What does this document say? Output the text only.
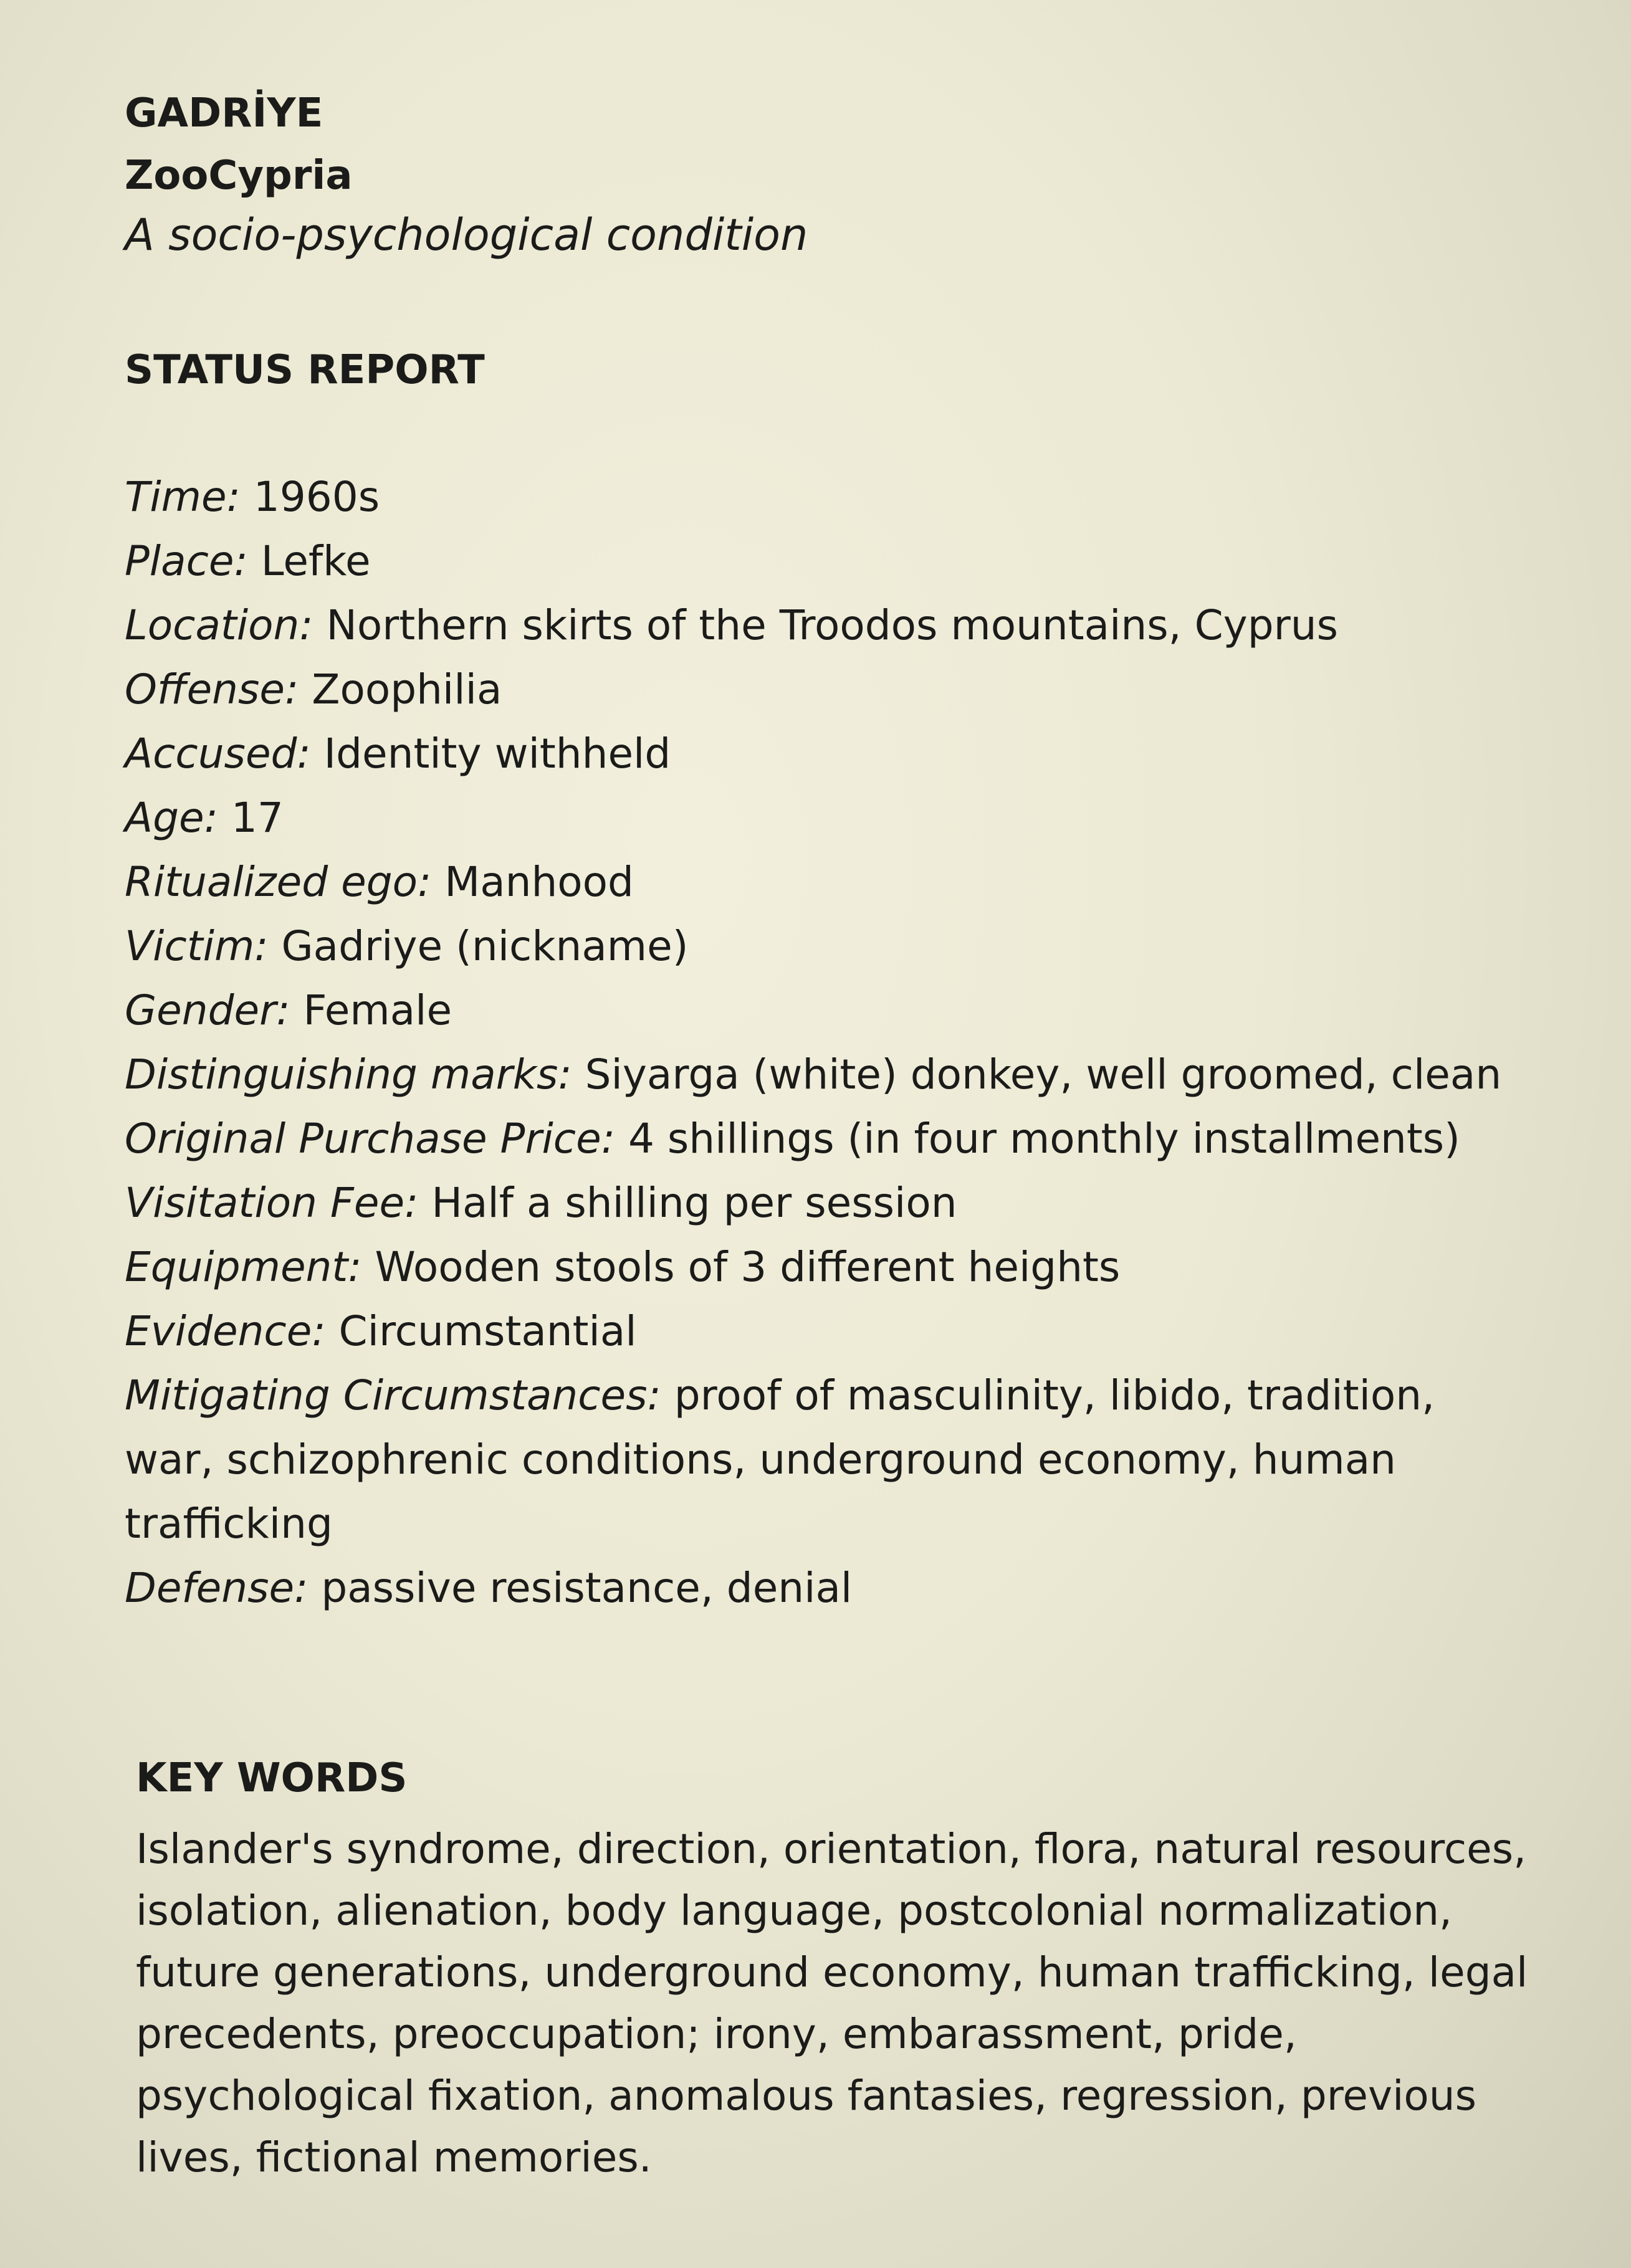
GADRİYE
ZooCypria
A socio-psychological condition
STATUS REPORT
Time: 1960s
Place: Lefke
Location: Northern skirts of the Troodos mountains, Cyprus
Offense: Zoophilia
Accused: Identity withheld
Age: 17
Ritualized ego: Manhood
Victim: Gadriye (nickname)
Gender: Female
Distinguishing marks: Siyarga (white) donkey, well groomed, clean
Original Purchase Price: 4 shillings (in four monthly installments)
Visitation Fee: Half a shilling per session
Equipment: Wooden stools of 3 different heights
Evidence: Circumstantial
Mitigating Circumstances: proof of masculinity, libido, tradition, war, schizophrenic conditions, underground economy, human trafficking
Defense: passive resistance, denial
KEY WORDS
Islander's syndrome, direction, orientation, flora, natural resources, isolation, alienation, body language, postcolonial normalization, future generations, underground economy, human trafficking, legal precedents, preoccupation; irony, embarassment, pride, psychological fixation, anomalous fantasies, regression, previous lives, fictional memories.
